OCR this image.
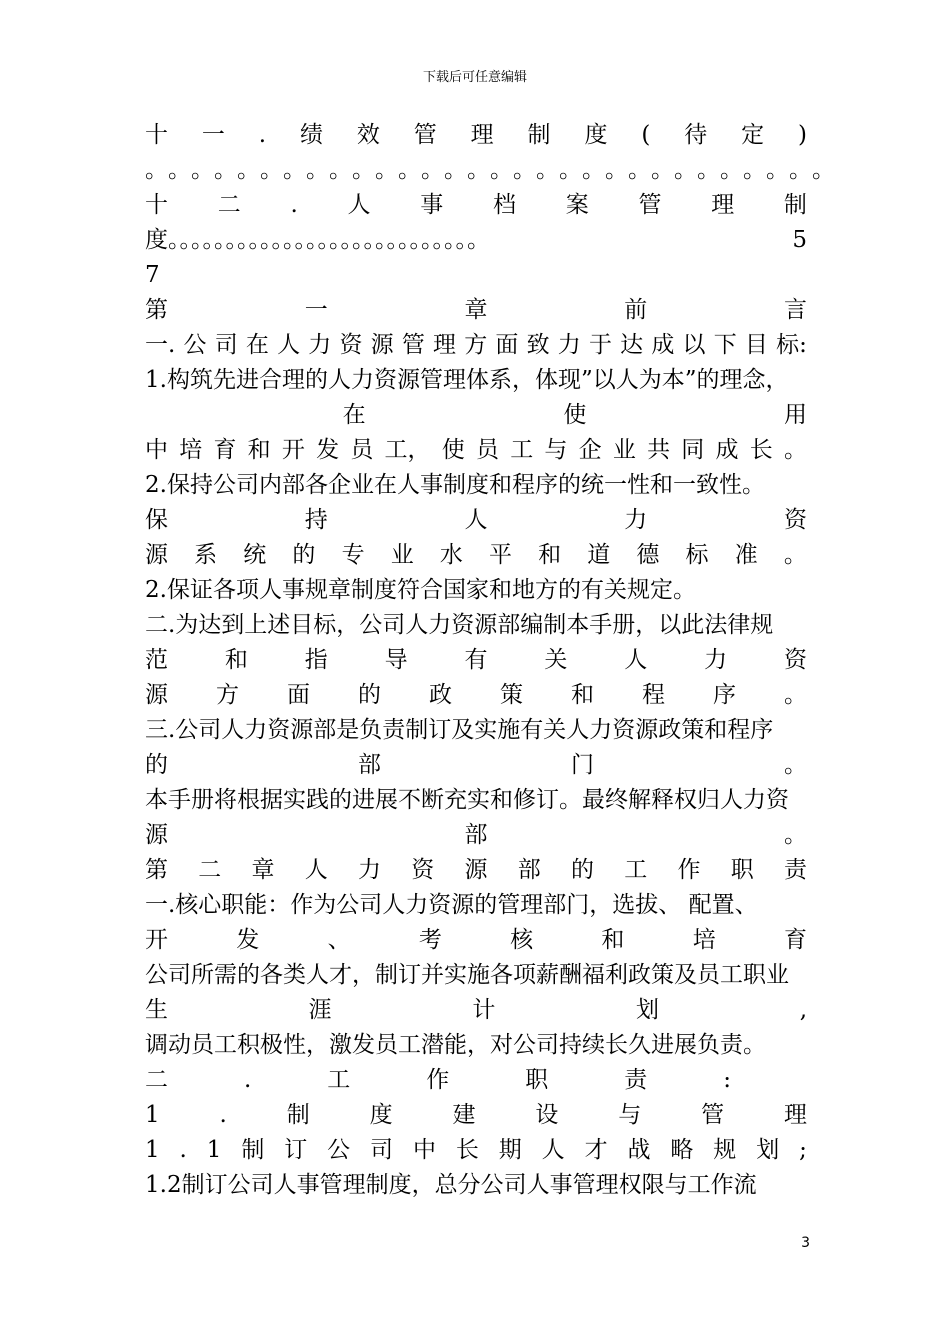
下载后可任意编辑
十 一 . 绩 效 管 理 制 度 ( 待 定 )
。 。 。 。 。 。 。 。 。 。 。 。 。 。 。 。 。 。 。 。 。 。 。 。 。 。 。 。 。 。
十 二 . 人 事 档 案 管 理 制
度。。。。。。。。。。。。。。。。。。。。。。。。。。。	5
7
第	一	章	前	言
一. 公 司 在 人 力 资 源 管 理 方 面 致 力 于 达 成 以 下 目 标:
1.构筑先进合理的人力资源管理体系，体现”以人为本”的理念，
在	使	用
中 培 育 和 开 发 员 工， 使 员 工 与 企 业 共 同 成 长 。
2.保持公司内部各企业在人事制度和程序的统一性和一致性。
保	持	人	力	资
源 系 统 的 专 业 水 平 和 道 德 标 准 。
2.保证各项人事规章制度符合国家和地方的有关规定。
二.为达到上述目标，公司人力资源部编制本手册，以此法律规
范 和 指 导 有 关 人 力 资
源 方 面 的 政 策 和 程 序 。
三.公司人力资源部是负责制订及实施有关人力资源政策和程序
的	部	门	。
本手册将根据实践的进展不断充实和修订。最终解释权归人力资
源	部	。
第 二 章 人 力 资 源 部 的 工 作 职 责
一.核心职能：作为公司人力资源的管理部门，选拔、 配置、
开	发	、	考	核	和	培	育
公司所需的各类人才，制订并实施各项薪酬福利政策及员工职业
生	涯	计	划	,
调动员工积极性，激发员工潜能，对公司持续长久进展负责。
二	.	工	作	职	责	:
1	.	制	度	建	设	与	管	理
1 . 1 制 订 公 司 中 长 期 人 才 战 略 规 划 ;
1.2制订公司人事管理制度，总分公司人事管理权限与工作流
3
